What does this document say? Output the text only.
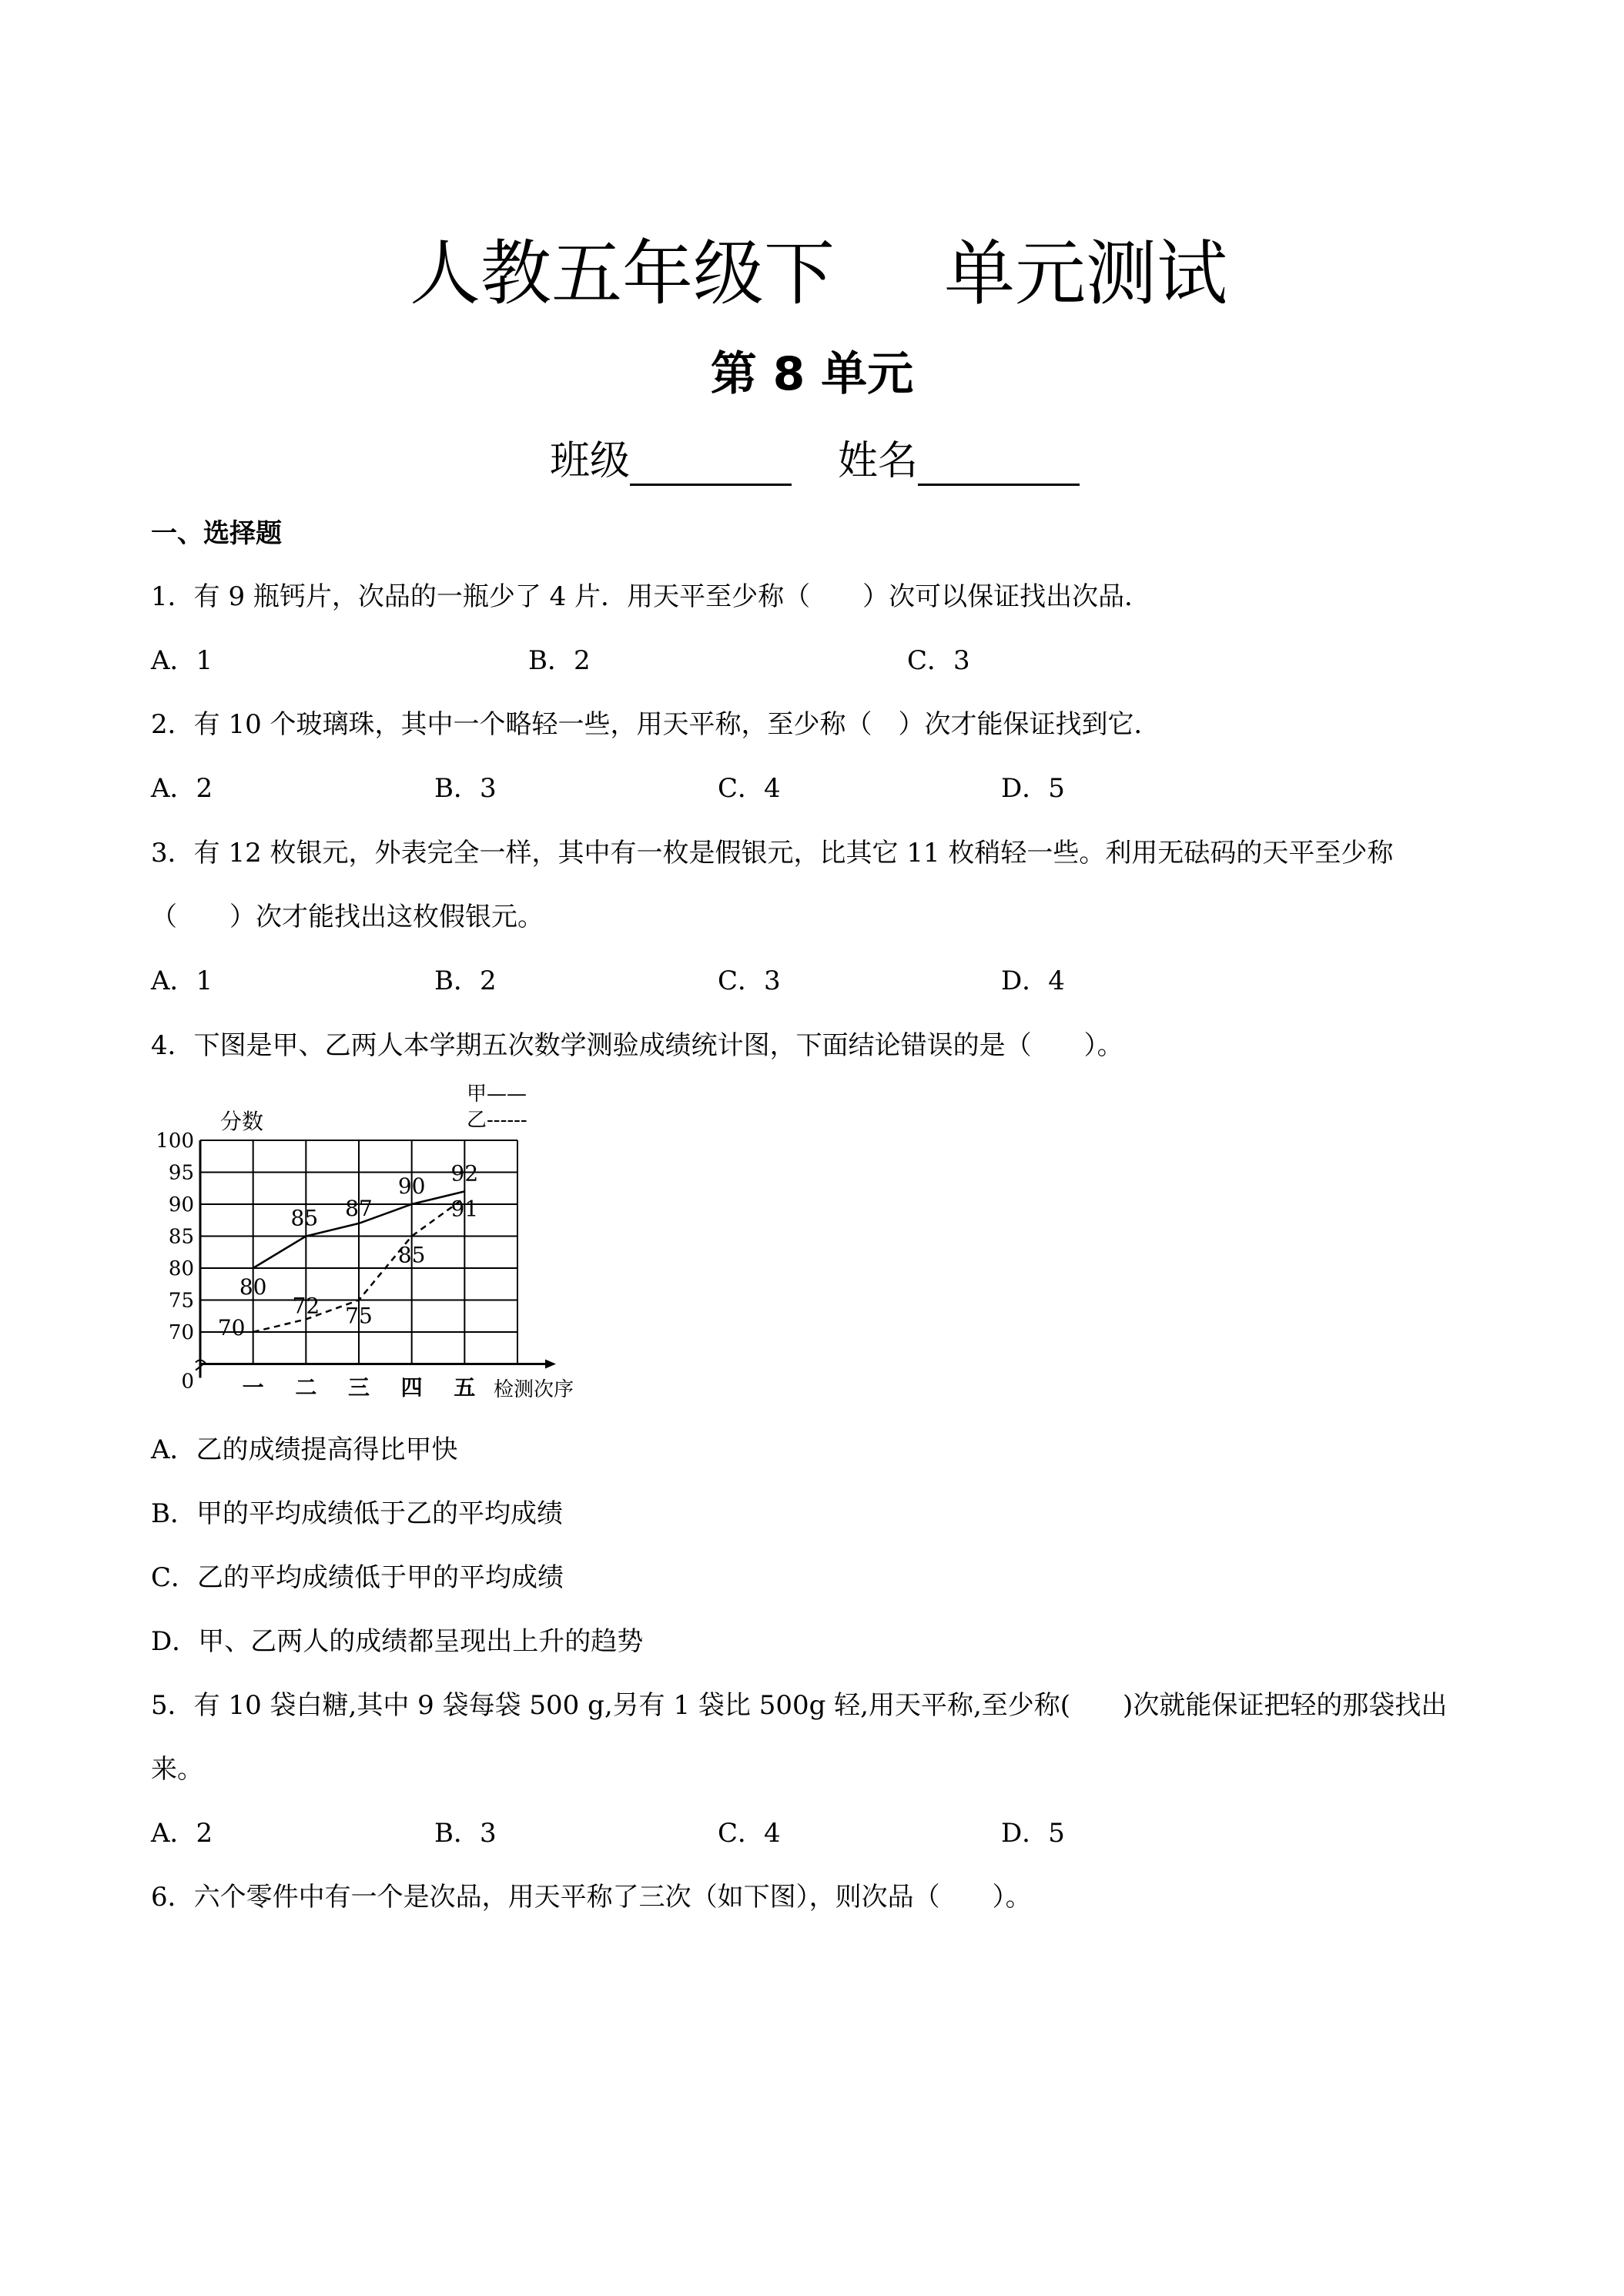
人教五年级下 单元测试
第 8 单元
班级	姓名
一、选择题
1．有 9 瓶钙片，次品的一瓶少了 4 片．用天平至少称（　　）次可以保证找出次品．
A．1	B．2	C．3
2．有 10 个玻璃珠，其中一个略轻一些，用天平称，至少称（　）次才能保证找到它．
A．2	B．3	C．4	D．5
3．有 12 枚银元，外表完全一样，其中有一枚是假银元，比其它 11 枚稍轻一些。利用无砝码的天平至少称
（　　）次才能找出这枚假银元。
A．1	B．2	C．3	D．4
4．下图是甲、乙两人本学期五次数学测验成绩统计图，下面结论错误的是（　　）。
分数
检测次序
甲——
乙------
100
95
90
85
80
75
70
0 一 二 三 四 五
80
85 87
90
92
70
72 75
85
91
A．乙的成绩提高得比甲快
B．甲的平均成绩低于乙的平均成绩
C．乙的平均成绩低于甲的平均成绩
D．甲、乙两人的成绩都呈现出上升的趋势
5．有 10 袋白糖,其中 9 袋每袋 500 g,另有 1 袋比 500g 轻,用天平称,至少称(　　)次就能保证把轻的那袋找出
来。
A．2	B．3	C．4	D．5
6．六个零件中有一个是次品，用天平称了三次（如下图），则次品（　　）。
